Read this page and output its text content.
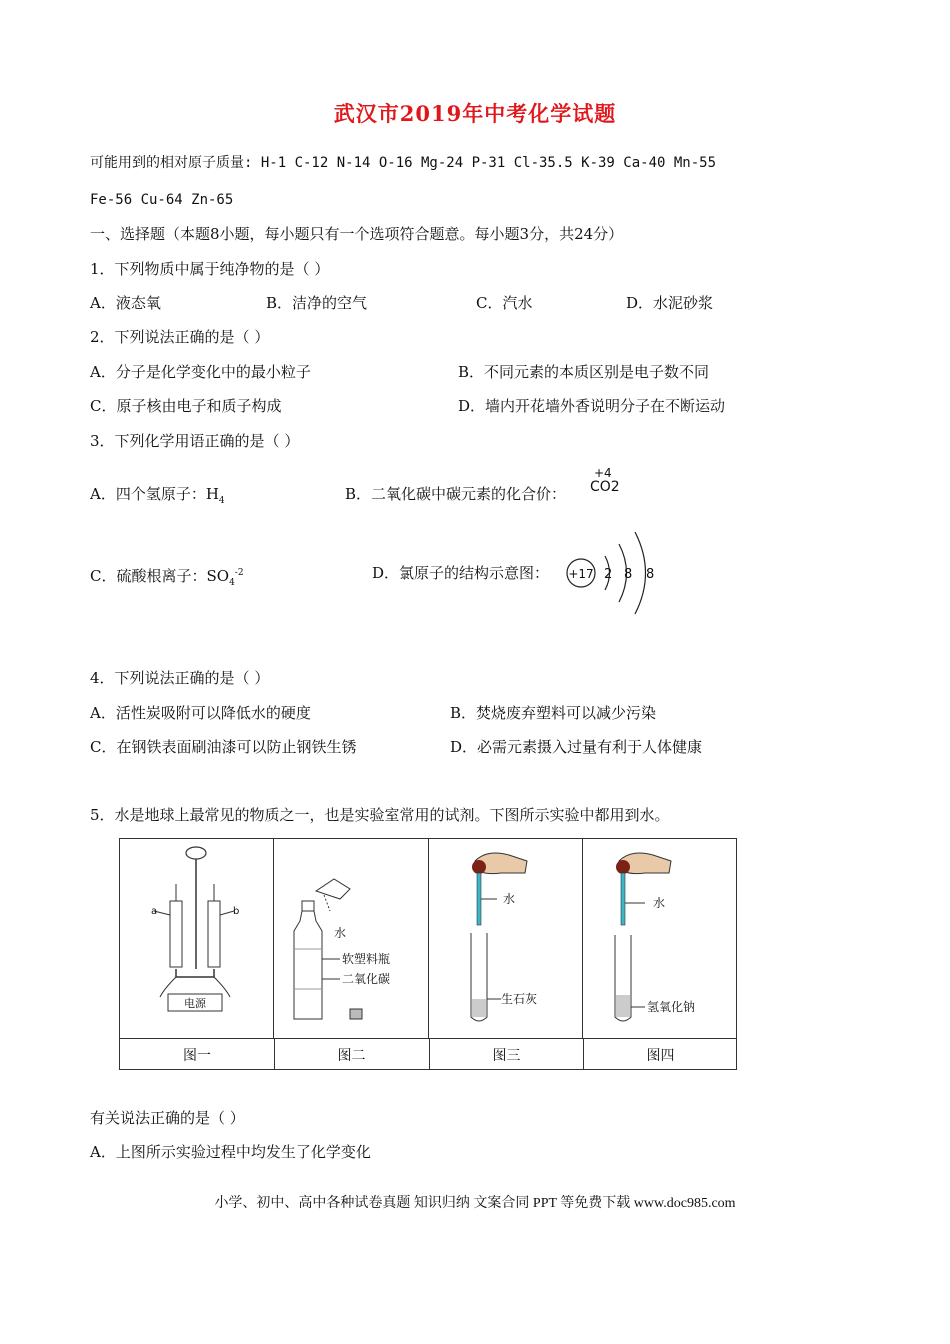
武汉市2019年中考化学试题
可能用到的相对原子质量: H-1 C-12 N-14 O-16 Mg-24 P-31 Cl-35.5 K-39 Ca-40 Mn-55
Fe-56 Cu-64 Zn-65
一、选择题（本题8小题，每小题只有一个选项符合题意。每小题3分，共24分）
1．下列物质中属于纯净物的是（ ）
A．液态氧	B．洁净的空气	C．汽水	D．水泥砂浆
2．下列说法正确的是（ ）
A．分子是化学变化中的最小粒子	B．不同元素的本质区别是电子数不同
C．原子核由电子和质子构成	D．墙内开花墙外香说明分子在不断运动
3．下列化学用语正确的是（ ）
A．四个氢原子：$H_4$	B．二氧化碳中碳元素的化合价：
+4
CO2
C．硫酸根离子：$SO_4^{-2}$	D．氯原子的结构示意图： +17 2 8 8
4．下列说法正确的是（ ）
A．活性炭吸附可以降低水的硬度	B．焚烧废弃塑料可以减少污染
C．在钢铁表面刷油漆可以防止钢铁生锈	D．必需元素摄入过量有利于人体健康
5．水是地球上最常见的物质之一，也是实验室常用的试剂。下图所示实验中都用到水。
a	b
电源
水
软塑料瓶
二氧化碳
水
生石灰
水
氢氧化钠
图一	图二	图三	图四
有关说法正确的是（ ）
A．上图所示实验过程中均发生了化学变化
小学、初中、高中各种试卷真题 知识归纳 文案合同 PPT 等免费下载 www.doc985.com
